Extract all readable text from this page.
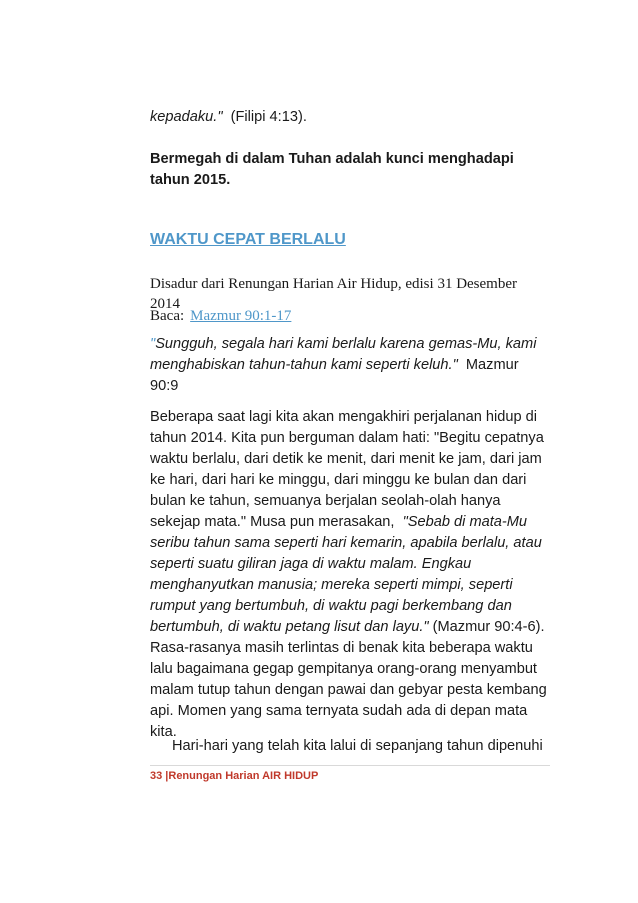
kepadaku." (Filipi 4:13).

Bermegah di dalam Tuhan adalah kunci menghadapi tahun 2015.

WAKTU CEPAT BERLALU

Disadur dari Renungan Harian Air Hidup, edisi 31 Desember 2014

Baca: Mazmur 90:1-17

"Sungguh, segala hari kami berlalu karena gemas-Mu, kami menghabiskan tahun-tahun kami seperti keluh." Mazmur 90:9

Beberapa saat lagi kita akan mengakhiri perjalanan hidup di tahun 2014. Kita pun berguman dalam hati: "Begitu cepatnya waktu berlalu, dari detik ke menit, dari menit ke jam, dari jam ke hari, dari hari ke minggu, dari minggu ke bulan dan dari bulan ke tahun, semuanya berjalan seolah-olah hanya sekejap mata." Musa pun merasakan, "Sebab di mata-Mu seribu tahun sama seperti hari kemarin, apabila berlalu, atau seperti suatu giliran jaga di waktu malam. Engkau menghanyutkan manusia; mereka seperti mimpi, seperti rumput yang bertumbuh, di waktu pagi berkembang dan bertumbuh, di waktu petang lisut dan layu." (Mazmur 90:4-6). Rasa-rasanya masih terlintas di benak kita beberapa waktu lalu bagaimana gegap gempitanya orang-orang menyambut malam tutup tahun dengan pawai dan gebyar pesta kembang api. Momen yang sama ternyata sudah ada di depan mata kita.

Hari-hari yang telah kita lalui di sepanjang tahun dipenuhi

33 |Renungan Harian AIR HIDUP
